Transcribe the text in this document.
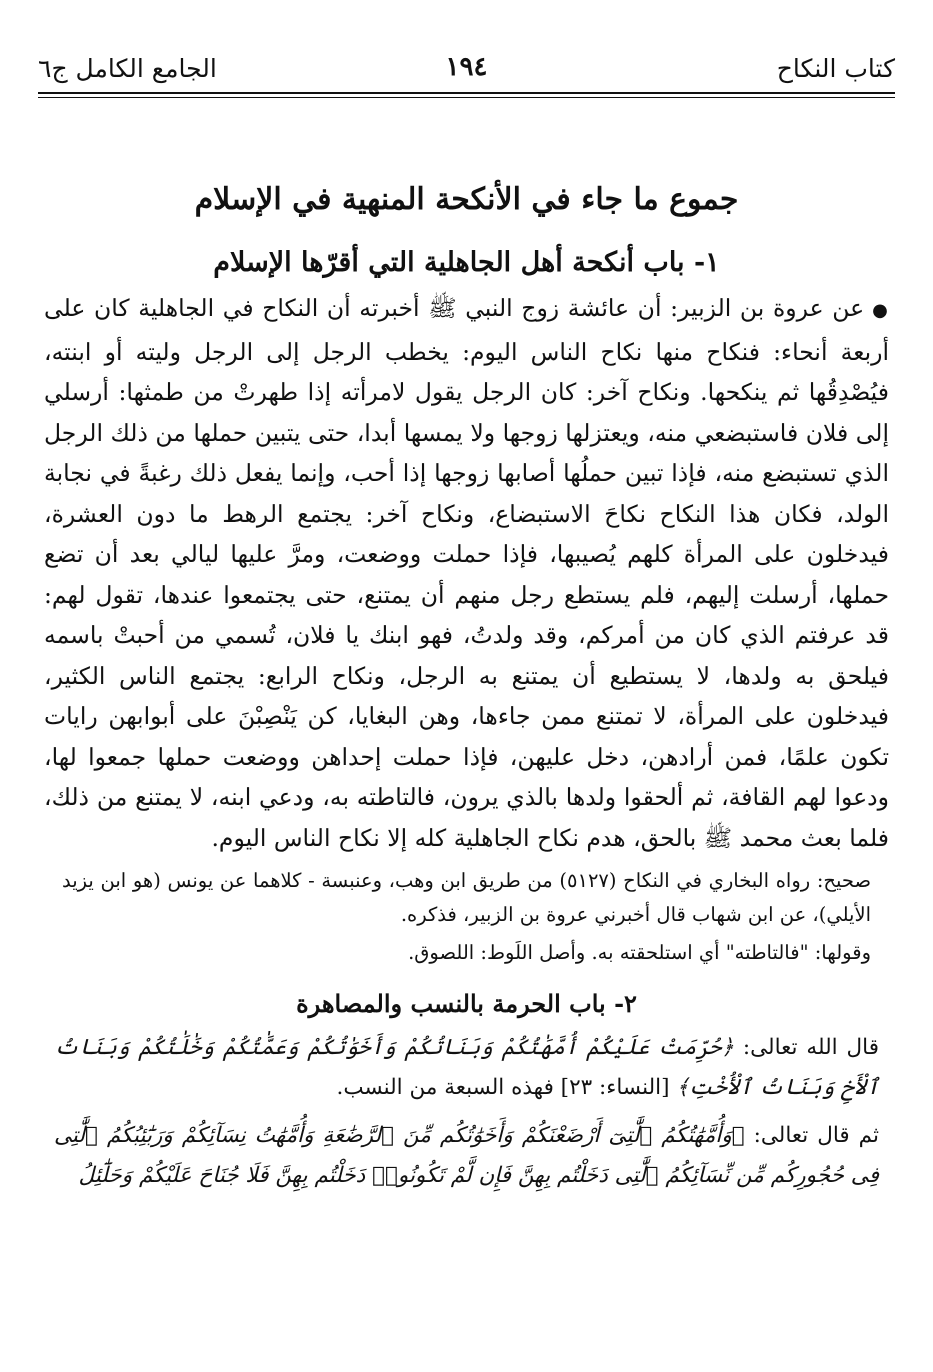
كتاب النكاح
١٩٤
الجامع الكامل ج٦
جموع ما جاء في الأنكحة المنهية في الإسلام
١- باب أنكحة أهل الجاهلية التي أقرّها الإسلام

●عن عروة بن الزبير: أن عائشة زوج النبي ﷺ أخبرته أن النكاح في الجاهلية كان على أربعة أنحاء: فنكاح منها نكاح الناس اليوم: يخطب الرجل إلى الرجل وليته أو ابنته، فيُصْدِقُها ثم ينكحها. ونكاح آخر: كان الرجل يقول لامرأته إذا طهرتْ من طمثها: أرسلي إلى فلان فاستبضعي منه، ويعتزلها زوجها ولا يمسها أبدا، حتى يتبين حملها من ذلك الرجل الذي تستبضع منه، فإذا تبين حملُها أصابها زوجها إذا أحب، وإنما يفعل ذلك رغبةً في نجابة الولد، فكان هذا النكاح نكاحَ الاستبضاع، ونكاح آخر: يجتمع الرهط ما دون العشرة، فيدخلون على المرأة كلهم يُصيبها، فإذا حملت ووضعت، ومرَّ عليها ليالي بعد أن تضع حملها، أرسلت إليهم، فلم يستطع رجل منهم أن يمتنع، حتى يجتمعوا عندها، تقول لهم: قد عرفتم الذي كان من أمركم، وقد ولدتُ، فهو ابنك يا فلان، تُسمي من أحبتْ باسمه فيلحق به ولدها، لا يستطيع أن يمتنع به الرجل، ونكاح الرابع: يجتمع الناس الكثير، فيدخلون على المرأة، لا تمتنع ممن جاءها، وهن البغايا، كن يَنْصِبْنَ على أبوابهن رايات تكون علمًا، فمن أرادهن، دخل عليهن، فإذا حملت إحداهن ووضعت حملها جمعوا لها، ودعوا لهم القافة، ثم ألحقوا ولدها بالذي يرون، فالتاطته به، ودعي ابنه، لا يمتنع من ذلك، فلما بعث محمد ﷺ بالحق، هدم نكاح الجاهلية كله إلا نكاح الناس اليوم.

صحيح: رواه البخاري في النكاح (٥١٢٧) من طريق ابن وهب، وعنبسة - كلاهما عن يونس (هو ابن يزيد الأيلي)، عن ابن شهاب قال أخبرني عروة بن الزبير، فذكره.

وقولها: "فالتاطته" أي استلحقته به. وأصل اللَوط: اللصوق.

٢- باب الحرمة بالنسب والمصاهرة

قال الله تعالى: ﴿حُرِّمَتْ عَلَيْكُمْ أُمَّهَٰتُكُمْ وَبَنَاتُكُمْ وَأَخَوَٰتُكُمْ وَعَمَّٰتُكُمْ وَخَٰلَٰتُكُمْ وَبَنَاتُ ٱلْأَخِ وَبَنَاتُ ٱلْأُخْتِ﴾ [النساء: ٢٣] فهذه السبعة من النسب.

ثم قال تعالى: ﴿وَأُمَّهَٰتُكُمُ ٱلَّٰتِىٓ أَرْضَعْنَكُمْ وَأَخَوَٰتُكُم مِّنَ ٱلرَّضَٰعَةِ وَأُمَّهَٰتُ نِسَآئِكُمْ وَرَبَٰٓئِبُكُمُ ٱلَّٰتِى فِى حُجُورِكُم مِّن نِّسَآئِكُمُ ٱلَّٰتِى دَخَلْتُم بِهِنَّ فَإِن لَّمْ تَكُونُوا۟ دَخَلْتُم بِهِنَّ فَلَا جُنَاحَ عَلَيْكُمْ وَحَلَٰٓئِلُ
